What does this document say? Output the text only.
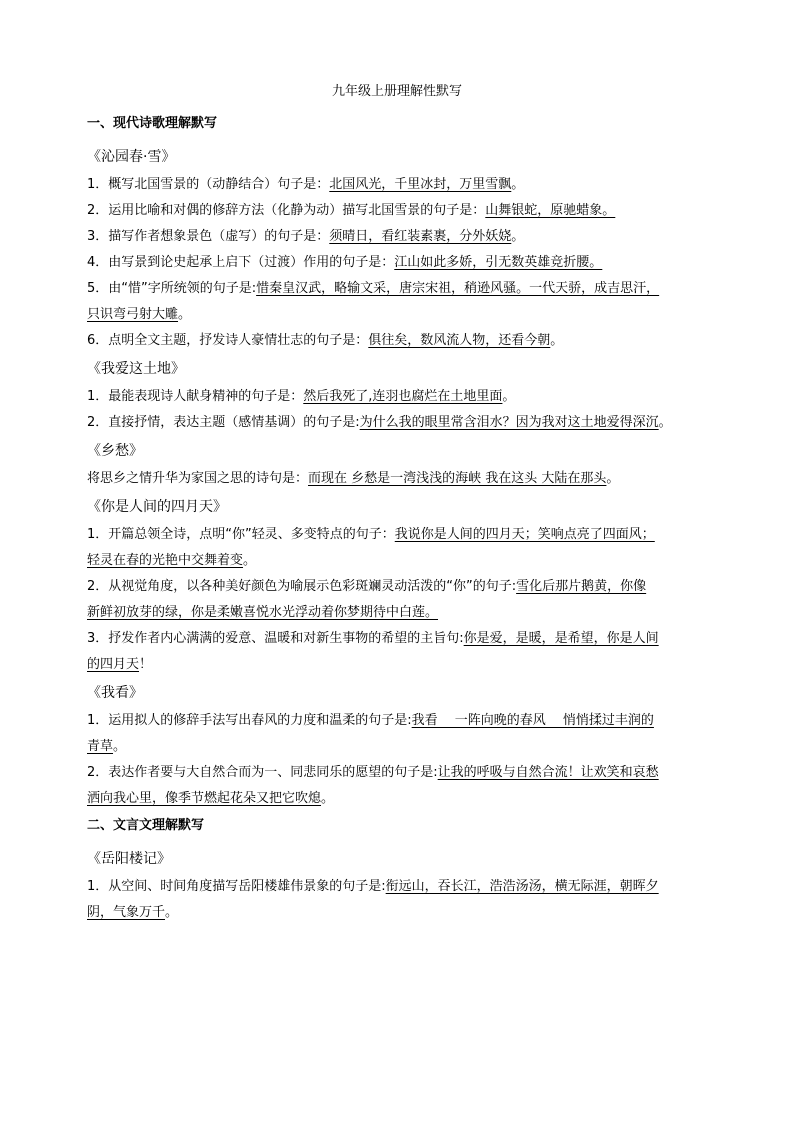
九年级上册理解性默写
一、现代诗歌理解默写
《沁园春·雪》
1．概写北国雪景的（动静结合）句子是：北国风光，千里冰封，万里雪飘。
2．运用比喻和对偶的修辞方法（化静为动）描写北国雪景的句子是：山舞银蛇，原驰蜡象。
3．描写作者想象景色（虚写）的句子是：须晴日，看红装素裹，分外妖娆。
4．由写景到论史起承上启下（过渡）作用的句子是：江山如此多娇，引无数英雄竞折腰。
5．由“惜”字所统领的句子是:惜秦皇汉武，略输文采，唐宗宋祖，稍逊风骚。一代天骄，成吉思汗，
只识弯弓射大雕。
6．点明全文主题，抒发诗人豪情壮志的句子是：俱往矣，数风流人物，还看今朝。
《我爱这土地》
1．最能表现诗人献身精神的句子是：然后我死了,连羽也腐烂在土地里面。
2．直接抒情，表达主题（感情基调）的句子是:为什么我的眼里常含泪水？因为我对这土地爱得深沉。
《乡愁》
将思乡之情升华为家国之思的诗句是：而现在 乡愁是一湾浅浅的海峡 我在这头 大陆在那头。
《你是人间的四月天》
1．开篇总领全诗，点明“你”轻灵、多变特点的句子：我说你是人间的四月天；笑响点亮了四面风；
轻灵在春的光艳中交舞着变。
2．从视觉角度，以各种美好颜色为喻展示色彩斑斓灵动活泼的“你”的句子:雪化后那片鹅黄，你像
新鲜初放芽的绿，你是柔嫩喜悦水光浮动着你梦期待中白莲。
3．抒发作者内心满满的爱意、温暖和对新生事物的希望的主旨句:你是爱，是暖，是希望，你是人间
的四月天！
《我看》
1．运用拟人的修辞手法写出春风的力度和温柔的句子是:我看　 一阵向晚的春风　 悄悄揉过丰润的
青草。
2．表达作者要与大自然合而为一、同悲同乐的愿望的句子是:让我的呼吸与自然合流！让欢笑和哀愁
洒向我心里，像季节燃起花朵又把它吹熄。
二、文言文理解默写
《岳阳楼记》
1．从空间、时间角度描写岳阳楼雄伟景象的句子是:衔远山，吞长江，浩浩汤汤，横无际涯，朝晖夕
阴，气象万千。
